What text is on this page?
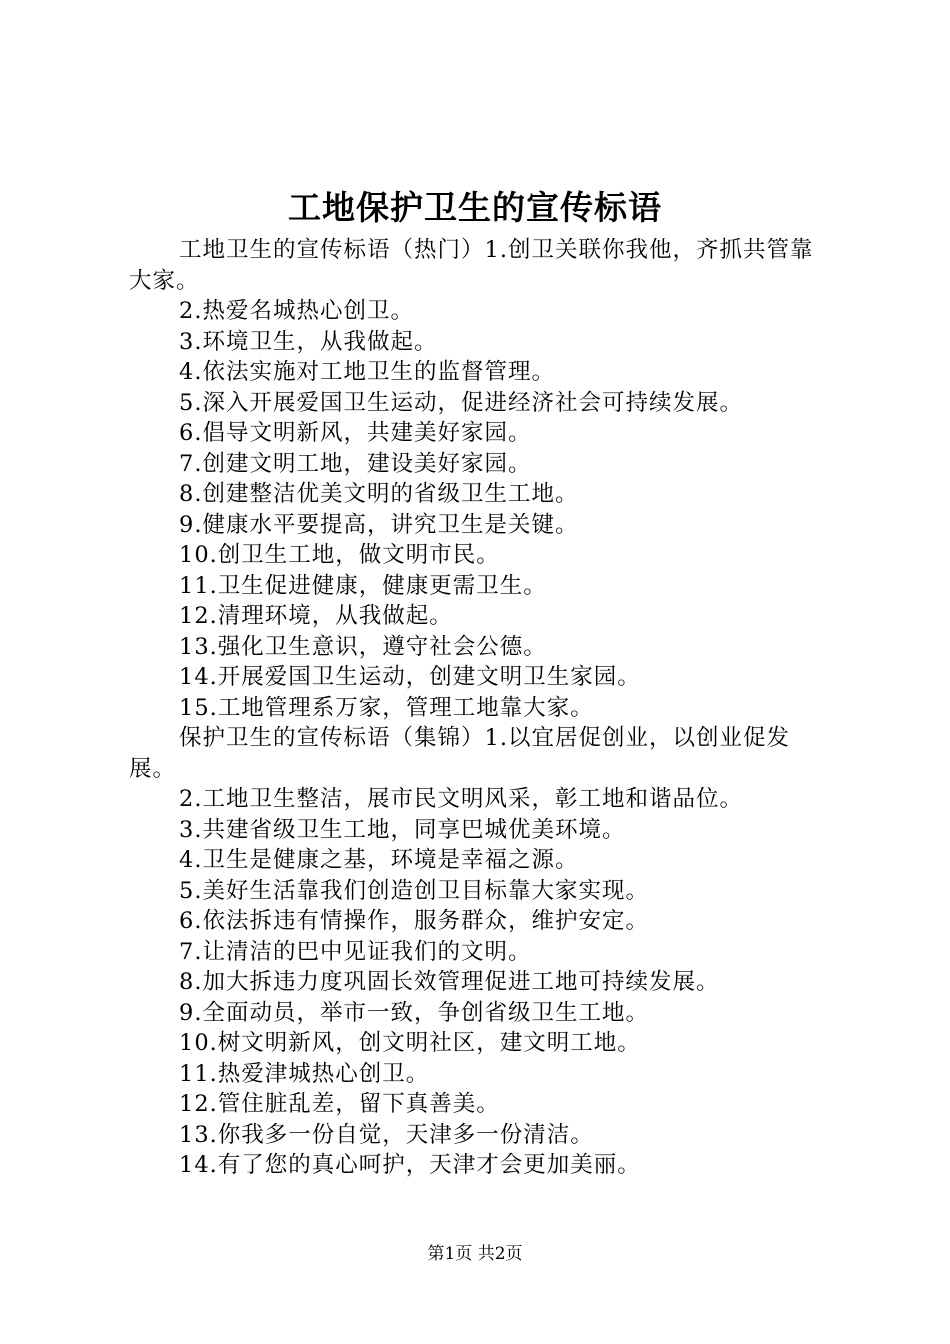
工地保护卫生的宣传标语

工地卫生的宣传标语（热门）1.创卫关联你我他，齐抓共管靠大家。

2.热爱名城热心创卫。

3.环境卫生，从我做起。

4.依法实施对工地卫生的监督管理。

5.深入开展爱国卫生运动，促进经济社会可持续发展。

6.倡导文明新风，共建美好家园。

7.创建文明工地，建设美好家园。

8.创建整洁优美文明的省级卫生工地。

9.健康水平要提高，讲究卫生是关键。

10.创卫生工地，做文明市民。

11.卫生促进健康，健康更需卫生。

12.清理环境，从我做起。

13.强化卫生意识，遵守社会公德。

14.开展爱国卫生运动，创建文明卫生家园。

15.工地管理系万家，管理工地靠大家。

保护卫生的宣传标语（集锦）1.以宜居促创业，以创业促发展。

2.工地卫生整洁，展市民文明风采，彰工地和谐品位。

3.共建省级卫生工地，同享巴城优美环境。

4.卫生是健康之基，环境是幸福之源。

5.美好生活靠我们创造创卫目标靠大家实现。

6.依法拆违有情操作，服务群众，维护安定。

7.让清洁的巴中见证我们的文明。

8.加大拆违力度巩固长效管理促进工地可持续发展。

9.全面动员，举市一致，争创省级卫生工地。

10.树文明新风，创文明社区，建文明工地。

11.热爱津城热心创卫。

12.管住脏乱差，留下真善美。

13.你我多一份自觉，天津多一份清洁。

14.有了您的真心呵护，天津才会更加美丽。

第1页 共2页
